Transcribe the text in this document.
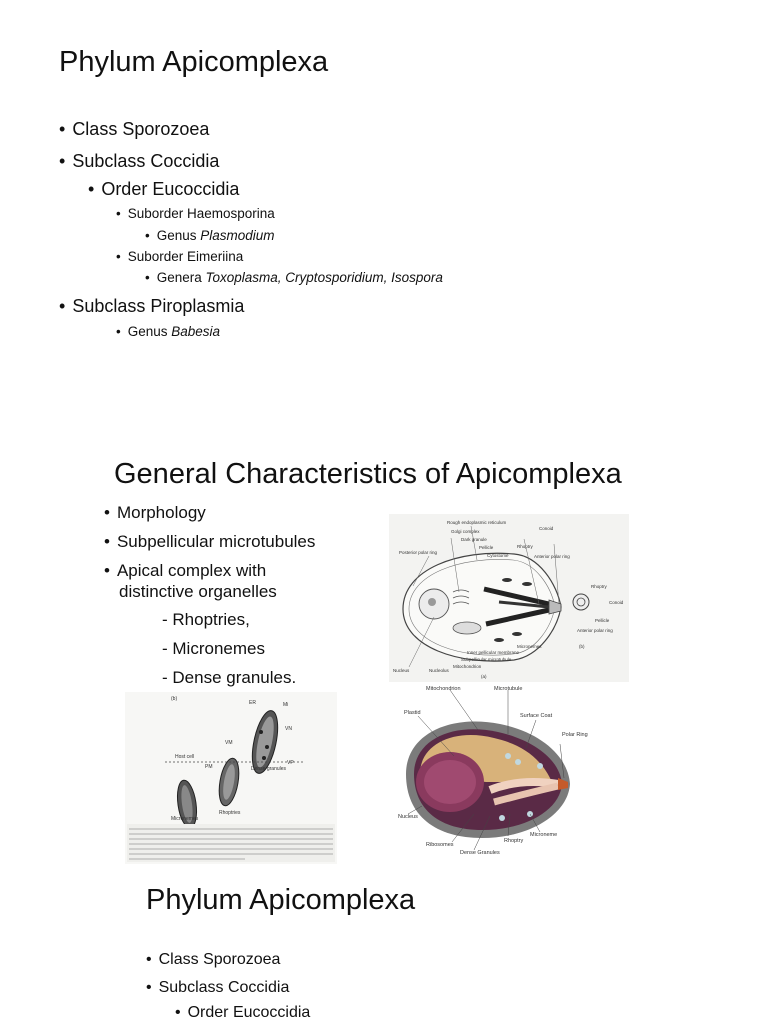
Phylum Apicomplexa
• Class Sporozoea
• Subclass Coccidia
• Order Eucoccidia
• Suborder Haemosporina
• Genus Plasmodium
• Suborder Eimeriina
• Genera Toxoplasma, Cryptosporidium, Isospora
• Subclass Piroplasmia
• Genus Babesia
General Characteristics of Apicomplexa
• Morphology
• Subpellicular microtubules
• Apical complex with
distinctive organelles
- Rhoptries,
- Micronemes
- Dense granules.
Rough endoplasmic reticulum
Golgi complex
Dark granule
Posterior polar ring
Pellicle
Cytostome
Conoid
Rhoptry
Anterior polar ring
Rhoptry
Conoid
Pellicle
Anterior polar ring
Micronemes
Inner pellicular membrane
Subpellicular microtubule
Mitochondrion
Nucleus	Nucleolus
(a)
(b)
(b)
ER	Mi
VN
VM
Host cell
PM	Dense granules
VP
Rhoptries
Micronemes
Mitochondrion	Microtubule
Plastid	Surface Coat
Polar Ring
Nucleus
Ribosomes
Dense Granules
Rhoptry
Microneme
Phylum Apicomplexa
• Class Sporozoea
• Subclass Coccidia
• Order Eucoccidia
